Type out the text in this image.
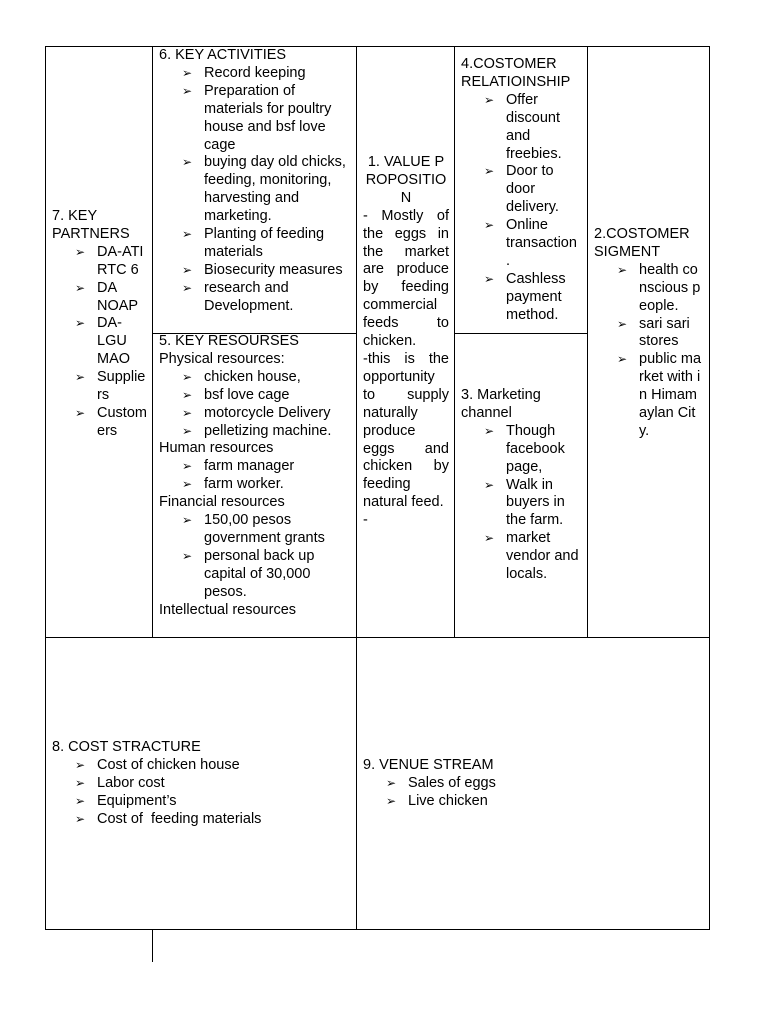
7. KEY PARTNERS
➢ DA-ATI RTC 6
➢ DA NOAP
➢ DA-LGU MAO
➢ Suppliers
➢ Customers
6. KEY ACTIVITIES
➢ Record keeping
➢ Preparation of materials for poultry house and bsf love cage
➢ buying day old chicks, feeding, monitoring, harvesting and marketing.
➢ Planting of feeding materials
➢ Biosecurity measures
➢ research and Development.
5. KEY RESOURSES
Physical resources:
➢ chicken house,
➢ bsf love cage
➢ motorcycle Delivery
➢ pelletizing machine.
Human resources
➢ farm manager
➢ farm worker.
Financial resources
➢ 150,00 pesos government grants
➢ personal back up capital of 30,000 pesos.
Intellectual resources
1. VALUE PROPOSITION
- Mostly of the eggs in the market are produce by feeding commercial feeds to chicken.
-this is the opportunity to supply naturally produce eggs and chicken by feeding natural feed.
-
4.COSTOMER RELATIOINSHIP
➢ Offer discount and freebies.
➢ Door to door delivery.
➢ Online transaction .
➢ Cashless payment method.
3. Marketing channel
➢ Though facebook page,
➢ Walk in buyers in the farm.
➢ market vendor and locals.
2.COSTOMER SIGMENT
➢ health conscious people.
➢ sari sari stores
➢ public market with in Himamaylan City.
8. COST STRACTURE
➢ Cost of chicken house
➢ Labor cost
➢ Equipment’s
➢ Cost of  feeding materials
9. VENUE STREAM
➢ Sales of eggs
➢ Live chicken
